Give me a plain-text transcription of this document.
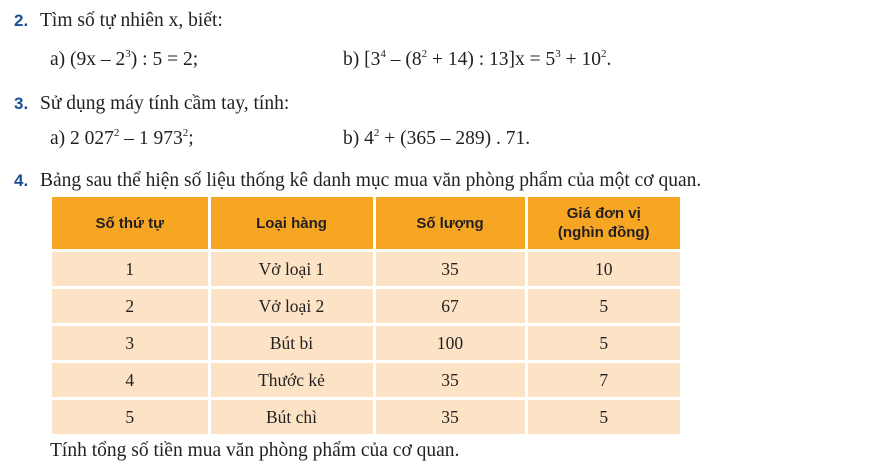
2. Tìm số tự nhiên x, biết:
a) $(9x - 2^3)$ : 5 = 2;	b) [$3^4 - (8^2 + 14)$ : $13]x = 5^3 + 10^2$.
3. Sử dụng máy tính cầm tay, tính:
a) 2 $027^2 - 1$ $973^2$;	b) $4^2 + (365 - 289)$ . 71.
4. Bảng sau thể hiện số liệu thống kê danh mục mua văn phòng phẩm của một cơ quan.
Số thứ tự	Loại hàng	Số lượng	Giá đơn vị
(nghìn đồng)
1	Vở loại 1	35	10
2	Vở loại 2	67	5
3	Bút bi	100	5
4	Thước kẻ	35	7
5	Bút chì	35	5
Tính tổng số tiền mua văn phòng phẩm của cơ quan.
